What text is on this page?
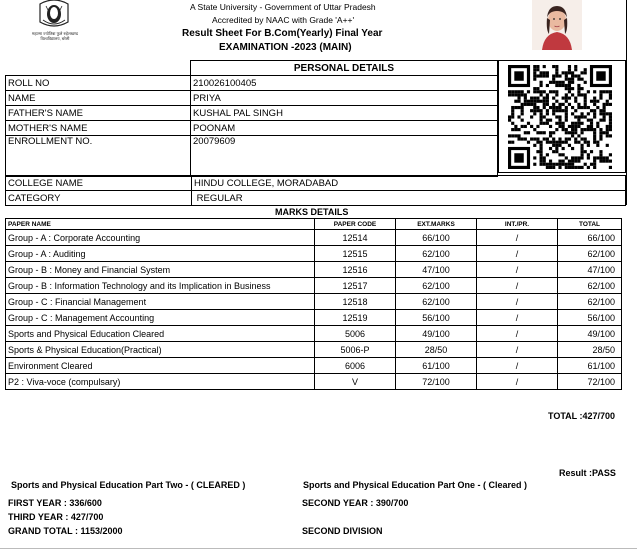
महात्मा ज्योतिबा फुले रुहेलखण्ड विश्वविद्यालय, बरेली
A State University - Government of Uttar Pradesh
Accredited by NAAC with Grade 'A++'
Result Sheet For B.Com(Yearly) Final Year
EXAMINATION -2023 (MAIN)
	PERSONAL DETAILS
ROLL NO	210026100405
NAME	PRIYA
FATHER'S NAME	KUSHAL PAL SINGH
MOTHER'S NAME	POONAM
ENROLLMENT NO.	20079609
COLLEGE NAME	HINDU COLLEGE, MORADABAD
CATEGORY	REGULAR
MARKS DETAILS
PAPER NAME	PAPER CODE	EXT.MARKS	INT./PR.	TOTAL
Group - A : Corporate Accounting	12514	66/100	/	66/100
Group - A : Auditing	12515	62/100	/	62/100
Group - B : Money and Financial System	12516	47/100	/	47/100
Group - B : Information Technology and its Implication in Business	12517	62/100	/	62/100
Group - C : Financial Management	12518	62/100	/	62/100
Group - C : Management Accounting	12519	56/100	/	56/100
Sports and Physical Education Cleared	5006	49/100	/	49/100
Sports & Physical Education(Practical)	5006-P	28/50	/	28/50
Environment Cleared	6006	61/100	/	61/100
P2 : Viva-voce (compulsary)	V	72/100	/	72/100
TOTAL :427/700
Result :PASS
Sports and Physical Education Part Two - ( CLEARED )	Sports and Physical Education Part One - ( Cleared )
FIRST YEAR : 336/600	SECOND YEAR : 390/700
THIRD YEAR : 427/700
GRAND TOTAL : 1153/2000	SECOND DIVISION
